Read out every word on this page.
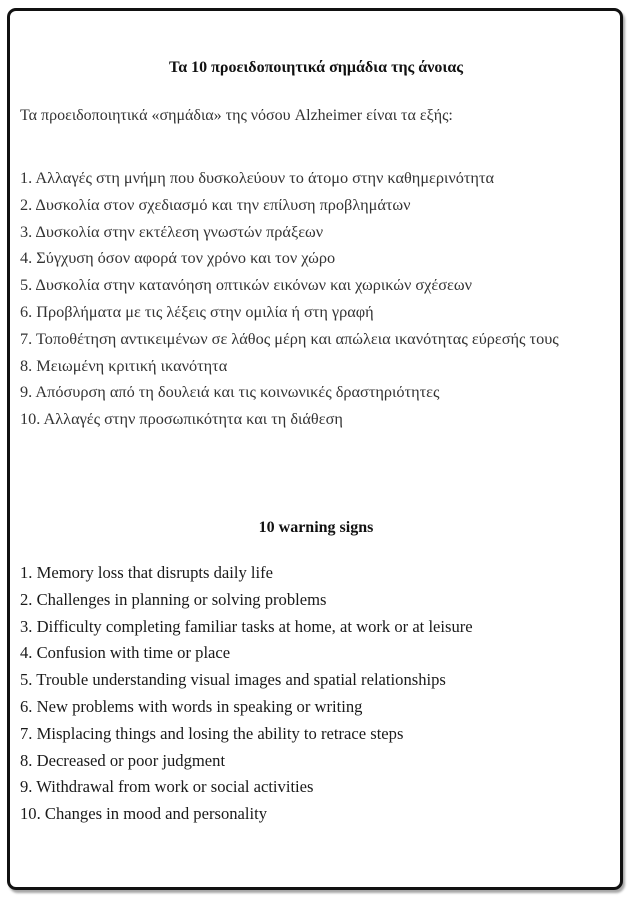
Τα 10 προειδοποιητικά σημάδια της άνοιας
Τα προειδοποιητικά «σημάδια» της νόσου Alzheimer είναι τα εξής:
1. Αλλαγές στη μνήμη που δυσκολεύουν το άτομο στην καθημερινότητα
2. Δυσκολία στον σχεδιασμό και την επίλυση προβλημάτων
3. Δυσκολία στην εκτέλεση γνωστών πράξεων
4. Σύγχυση όσον αφορά τον χρόνο και τον χώρο
5. Δυσκολία στην κατανόηση οπτικών εικόνων και χωρικών σχέσεων
6. Προβλήματα με τις λέξεις στην ομιλία ή στη γραφή
7. Τοποθέτηση αντικειμένων σε λάθος μέρη και απώλεια ικανότητας εύρεσής τους
8. Μειωμένη κριτική ικανότητα
9. Απόσυρση από τη δουλειά και τις κοινωνικές δραστηριότητες
10. Αλλαγές στην προσωπικότητα και τη διάθεση
10 warning signs
1. Memory loss that disrupts daily life
2. Challenges in planning or solving problems
3. Difficulty completing familiar tasks at home, at work or at leisure
4. Confusion with time or place
5. Trouble understanding visual images and spatial relationships
6. New problems with words in speaking or writing
7. Misplacing things and losing the ability to retrace steps
8. Decreased or poor judgment
9. Withdrawal from work or social activities
10. Changes in mood and personality
